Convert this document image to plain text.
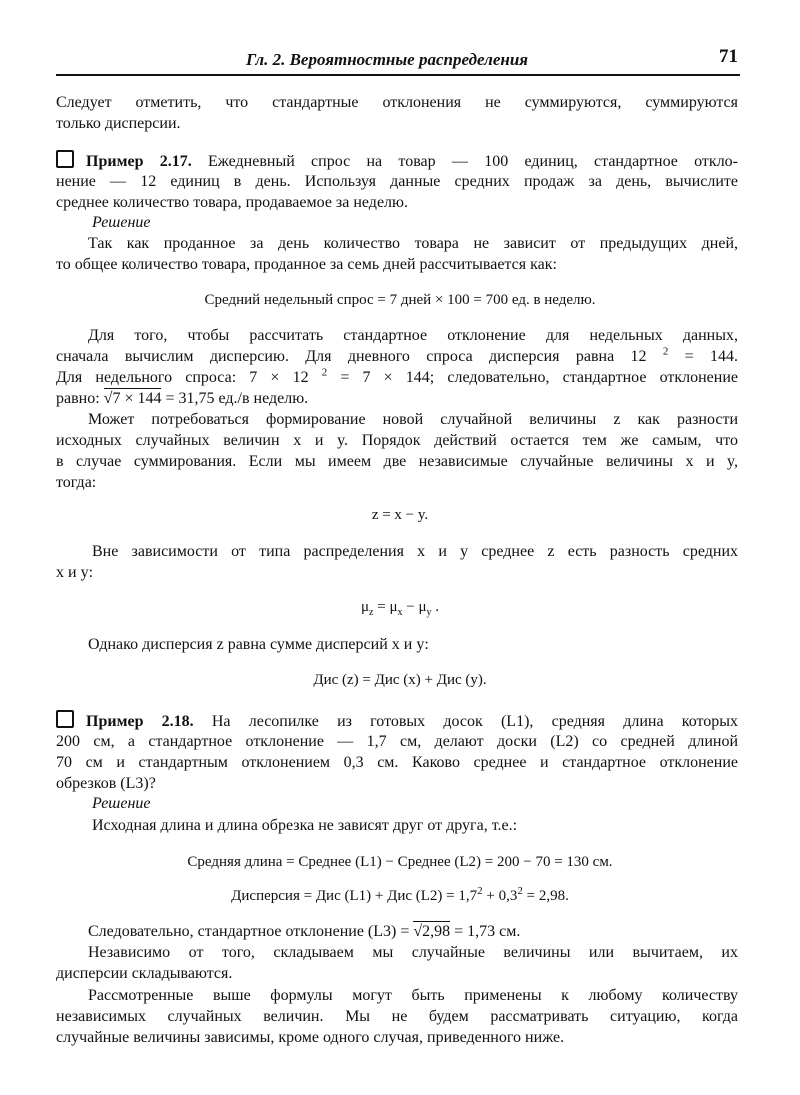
Гл. 2. Вероятностные распределения	71
Следует отметить, что стандартные отклонения не суммируются, суммируются
только дисперсии.
Пример 2.17. Ежедневный спрос на товар — 100 единиц, стандартное откло-
нение — 12 единиц в день. Используя данные средних продаж за день, вычислите
среднее количество товара, продаваемое за неделю.
Решение
Так как проданное за день количество товара не зависит от предыдущих дней,
то общее количество товара, проданное за семь дней рассчитывается как:
Средний недельный спрос = 7 дней × 100 = 700 ед. в неделю.
Для того, чтобы рассчитать стандартное отклонение для недельных данных,
сначала вычислим дисперсию. Для дневного спроса дисперсия равна 12 $^2$ = 144.
Для недельного спроса: 7 × 12 $^2$ = 7 × 144; следовательно, стандартное отклонение
равно: √7 × 144 = 31,75 ед./в неделю.
Может потребоваться формирование новой случайной величины z как разности
исходных случайных величин x и y. Порядок действий остается тем же самым, что
в случае суммирования. Если мы имеем две независимые случайные величины x и y,
тогда:
z = x − y.
Вне зависимости от типа распределения x и y среднее z есть разность средних
x и y:
$\mu_z = \mu_x - \mu_y$ .
Однако дисперсия z равна сумме дисперсий x и y:
Дис (z) = Дис (x) + Дис (y).
Пример 2.18. На лесопилке из готовых досок (L1), средняя длина которых
200 см, а стандартное отклонение — 1,7 см, делают доски (L2) со средней длиной
70 см и стандартным отклонением 0,3 см. Каково среднее и стандартное отклонение
обрезков (L3)?
Решение
Исходная длина и длина обрезка не зависят друг от друга, т.е.:
Средняя длина = Среднее (L1) − Среднее (L2) = 200 − 70 = 130 см.
Дисперсия = Дис (L1) + Дис $(L2) = 1,7^2 + 0,3^2 = 2,98$.
Следовательно, стандартное отклонение (L3) = √2,98 = 1,73 см.
Независимо от того, складываем мы случайные величины или вычитаем, их
дисперсии складываются.
Рассмотренные выше формулы могут быть применены к любому количеству
независимых случайных величин. Мы не будем рассматривать ситуацию, когда
случайные величины зависимы, кроме одного случая, приведенного ниже.
